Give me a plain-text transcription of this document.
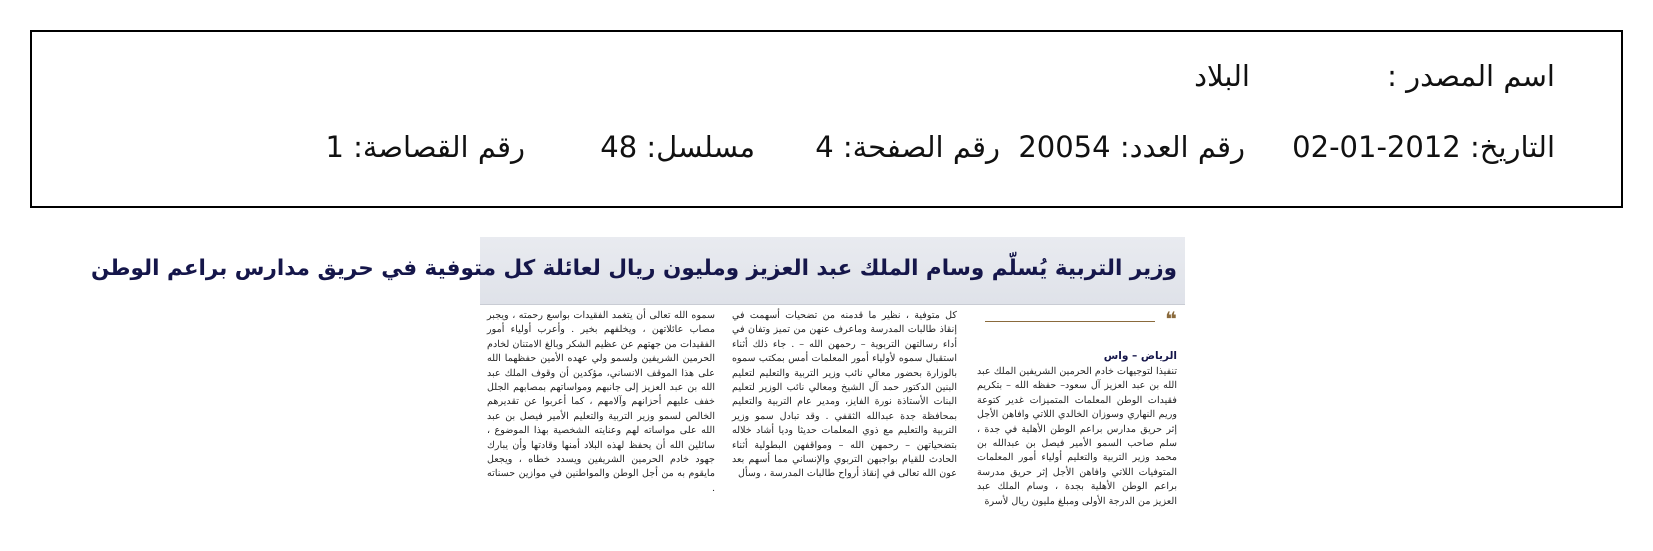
اسم المصدر :
البلاد
التاريخ: 2012-01-02
رقم العدد: 20054
رقم الصفحة: 4
مسلسل: 48
رقم القصاصة: 1
وزير التربية يُسلّم وسام الملك عبد العزيز ومليون ريال لعائلة كل متوفية في حريق مدارس براعم الوطن
❝
الرياض – واس

تنفيذا لتوجيهات خادم الحرمين الشريفين الملك عبد الله بن عبد العزيز آل سعود– حفظه الله – بتكريم فقيدات الوطن المعلمات المتميزات غدير كتوعة وريم النهاري وسوزان الخالدي اللاتي وافاهن الأجل إثر حريق مدارس براعم الوطن الأهلية في جدة ، سلم صاحب السمو الأمير فيصل بن عبدالله بن محمد وزير التربية والتعليم أولياء أمور المعلمات المتوفيات اللاتي وافاهن الأجل إثر حريق مدرسة براعم الوطن الأهلية بجدة ، وسام الملك عبد العزيز من الدرجة الأولى ومبلغ مليون ريال لأسرة

كل متوفية ، نظير ما قدمنه من تضحيات أسهمت في إنقاذ طالبات المدرسة وماعرف عنهن من تميز وتفان في أداء رسالتهن التربوية – رحمهن الله – . جاء ذلك أثناء استقبال سموه لأولياء أمور المعلمات أمس بمكتب سموه بالوزارة بحضور معالي نائب وزير التربية والتعليم لتعليم البنين الدكتور حمد آل الشيخ ومعالي نائب الوزير لتعليم البنات الأستاذة نورة الفايز، ومدير عام التربية والتعليم بمحافظة جدة عبدالله الثقفي . وقد تبادل سمو وزير التربية والتعليم مع ذوي المعلمات حديثا وديا أشاد خلاله بتضحياتهن – رحمهن الله – ومواقفهن البطولية أثناء الحادث للقيام بواجبهن التربوي والإنساني مما أسهم بعد عون الله تعالى في إنقاذ أرواح طالبات المدرسة ، وسأل

سموه الله تعالى أن يتغمد الفقيدات بواسع رحمته ، ويجبر مصاب عائلاتهن ، ويخلفهم بخير . وأعرب أولياء أمور الفقيدات من جهتهم عن عظيم الشكر وبالغ الامتنان لخادم الحرمين الشريفين ولسمو ولي عهده الأمين حفظهما الله على هذا الموقف الانساني، مؤكدين أن وقوف الملك عبد الله بن عبد العزيز إلى جانبهم ومواساتهم بمصابهم الجلل خفف عليهم أحزانهم وآلامهم ، كما أعربوا عن تقديرهم الخالص لسمو وزير التربية والتعليم الأمير فيصل بن عبد الله على مواساته لهم وعنايته الشخصية بهذا الموضوع ، سائلين الله أن يحفظ لهذه البلاد أمنها وقادتها وأن يبارك جهود خادم الحرمين الشريفين ويسدد خطاه ، ويجعل مايقوم به من أجل الوطن والمواطنين في موازين حسناته .
